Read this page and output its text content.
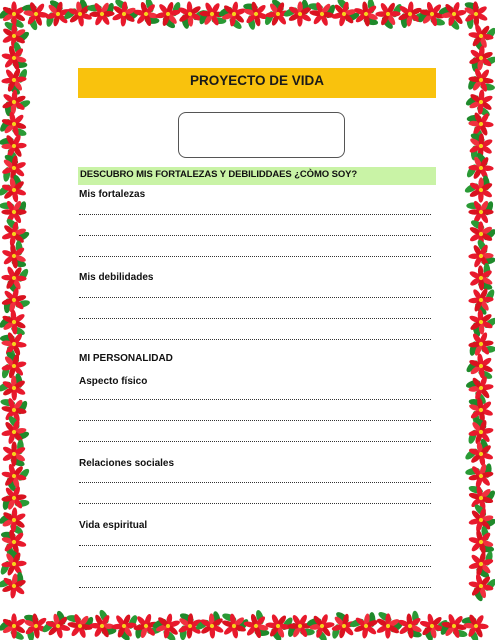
PROYECTO DE VIDA
DESCUBRO MIS FORTALEZAS Y DEBILIDDAES ¿CÒMO SOY?
Mis fortalezas
Mis debilidades
MI PERSONALIDAD
Aspecto físico
Relaciones sociales
Vida espiritual
